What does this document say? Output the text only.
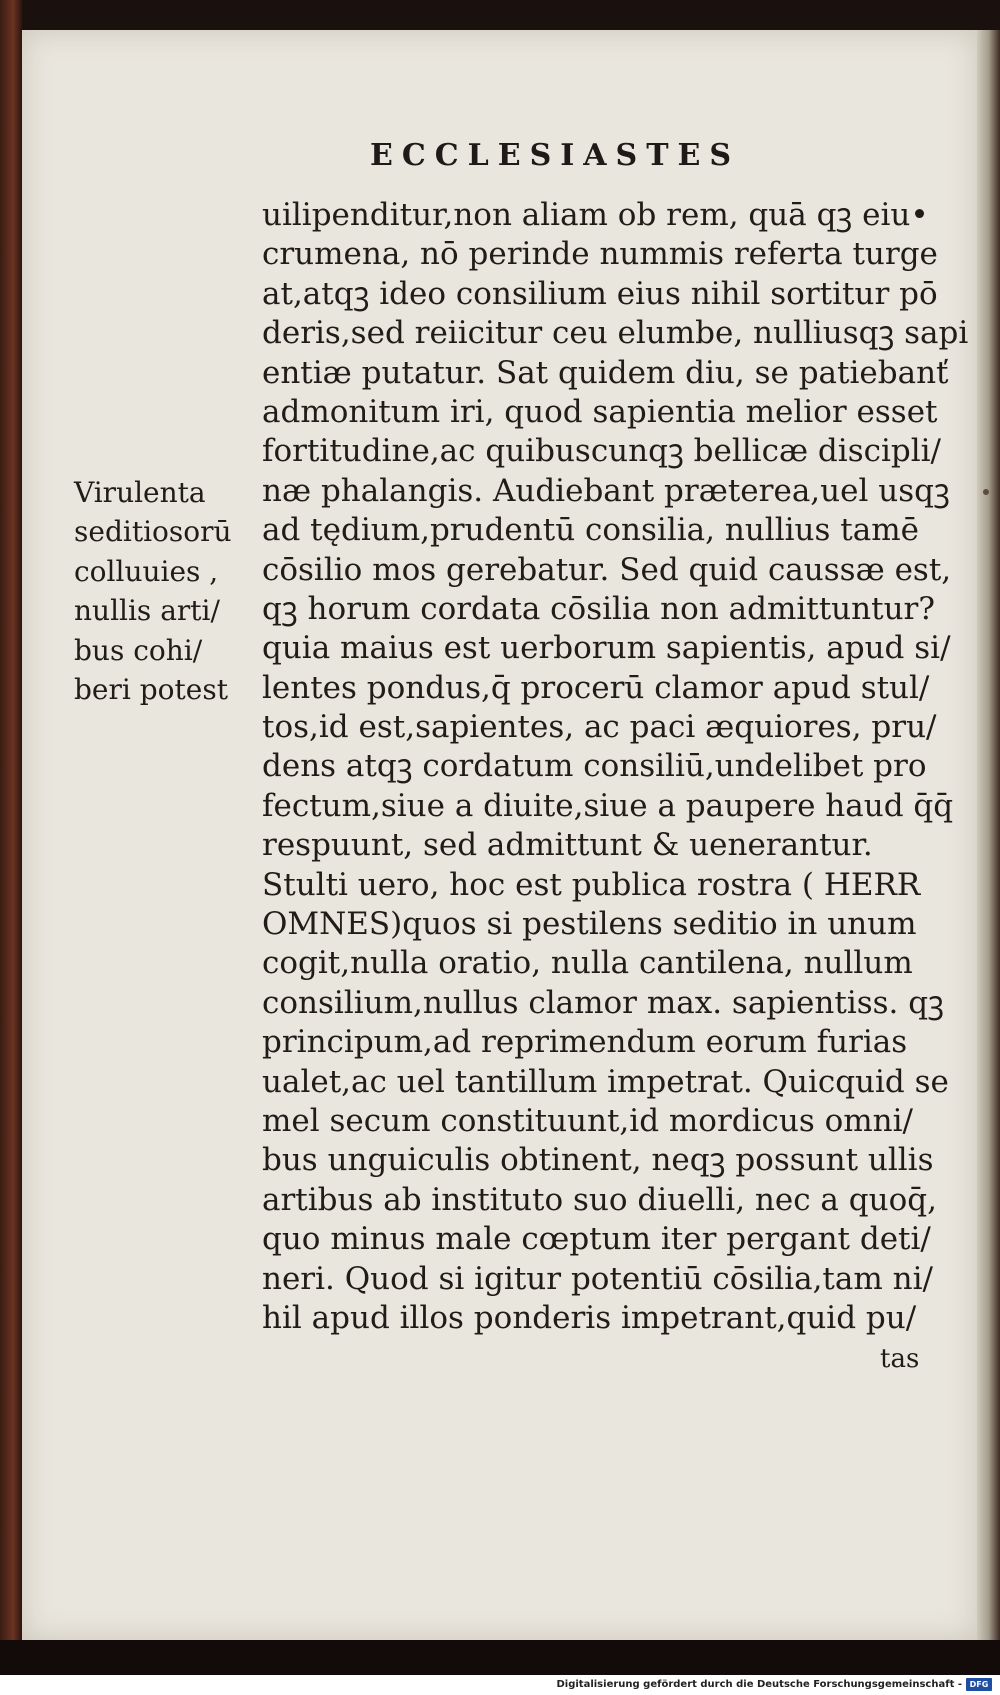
ECCLESIASTES
Virulenta
seditiosorū
colluuies ,
nullis arti∕
bus cohi∕
beri potest
uilipenditur,non aliam ob rem, quā qꝫ eiu•
crumena, nō perinde nummis referta turge
at,atqꝫ ideo consilium eius nihil sortitur pō
deris,sed reiicitur ceu elumbe, nulliusqꝫ sapi
entiæ putatur. Sat quidem diu, se patiebanť
admonitum iri, quod sapientia melior esset
fortitudine,ac quibuscunqꝫ bellicæ discipli∕
næ phalangis. Audiebant præterea,uel usqꝫ
ad tędium,prudentū consilia, nullius tamē
cōsilio mos gerebatur. Sed quid caussæ est,
qꝫ horum cordata cōsilia non admittuntur?
quia maius est uerborum sapientis, apud si∕
lentes pondus,q̄ procerū clamor apud stul∕
tos,id est,sapientes, ac paci æquiores, pru∕
dens atqꝫ cordatum consiliū,undelibet pro
fectum,siue a diuite,siue a paupere haud q̄q̄
respuunt, sed admittunt & uenerantur.
Stulti uero, hoc est publica rostra ( HERR
OMNES)quos si pestilens seditio in unum
cogit,nulla oratio, nulla cantilena, nullum
consilium,nullus clamor max. sapientiss. qꝫ
principum,ad reprimendum eorum furias
ualet,ac uel tantillum impetrat. Quicquid se
mel secum constituunt,id mordicus omni∕
bus unguiculis obtinent, neqꝫ possunt ullis
artibus ab instituto suo diuelli, nec a quoq̄,
quo minus male cœptum iter pergant deti∕
neri. Quod si igitur potentiū cōsilia,tam ni∕
hil apud illos ponderis impetrant,quid pu∕
tas
Digitalisierung gefördert durch die Deutsche Forschungsgemeinschaft - DFG
